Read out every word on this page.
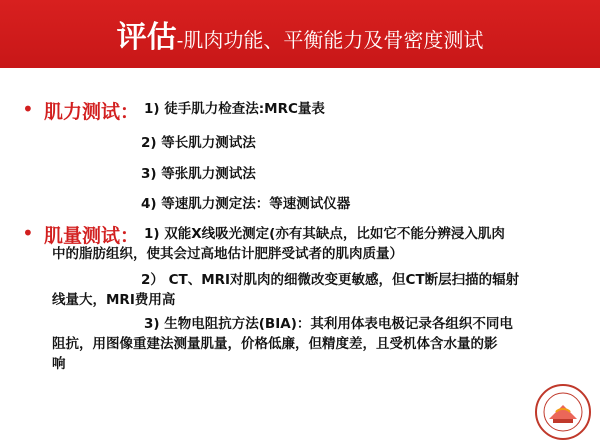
评估-肌肉功能、平衡能力及骨密度测试
• 肌力测试： 1) 徒手肌力检查法:MRC量表
2) 等长肌力测试法
3) 等张肌力测试法
4) 等速肌力测定法：等速测试仪器
• 肌量测试： 1) 双能X线吸光测定(亦有其缺点，比如它不能分辨浸入肌肉
中的脂肪组织，使其会过高地估计肥胖受试者的肌肉质量）
2） CT、MRI对肌肉的细微改变更敏感，但CT断层扫描的辐射
线量大，MRI费用高
3) 生物电阻抗方法(BIA)：其利用体表电极记录各组织不同电
阻抗，用图像重建法测量肌量，价格低廉，但精度差，且受机体含水量的影
响
